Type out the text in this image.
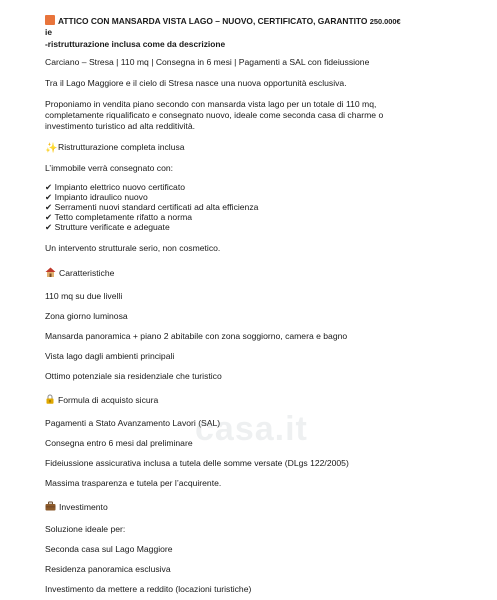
ATTICO CON MANSARDA VISTA LAGO – NUOVO, CERTIFICATO, GARANTITO 250.000€
ie
-ristrutturazione inclusa come da descrizione
Carciano – Stresa | 110 mq | Consegna in 6 mesi | Pagamenti a SAL con fideiussione
Tra il Lago Maggiore e il cielo di Stresa nasce una nuova opportunità esclusiva.
Proponiamo in vendita piano secondo con mansarda vista lago per un totale di 110 mq,
completamente riqualificato e consegnato nuovo, ideale come seconda casa di charme o
investimento turistico ad alta redditività.
✨Ristrutturazione completa inclusa
L’immobile verrà consegnato con:
✔ Impianto elettrico nuovo certificato
✔ Impianto idraulico nuovo
✔ Serramenti nuovi standard certificati ad alta efficienza
✔ Tetto completamente rifatto a norma
✔ Strutture verificate e adeguate
Un intervento strutturale serio, non cosmetico.
Caratteristiche
110 mq su due livelli
Zona giorno luminosa
Mansarda panoramica + piano 2 abitabile con zona soggiorno, camera e bagno
Vista lago dagli ambienti principali
Ottimo potenziale sia residenziale che turistico
Formula di acquisto sicura
Pagamenti a Stato Avanzamento Lavori (SAL)
Consegna entro 6 mesi dal preliminare
Fideiussione assicurativa inclusa a tutela delle somme versate (DLgs 122/2005)
Massima trasparenza e tutela per l’acquirente.
Investimento
Soluzione ideale per:
Seconda casa sul Lago Maggiore
Residenza panoramica esclusiva
Investimento da mettere a reddito (locazioni turistiche)
casa.it
